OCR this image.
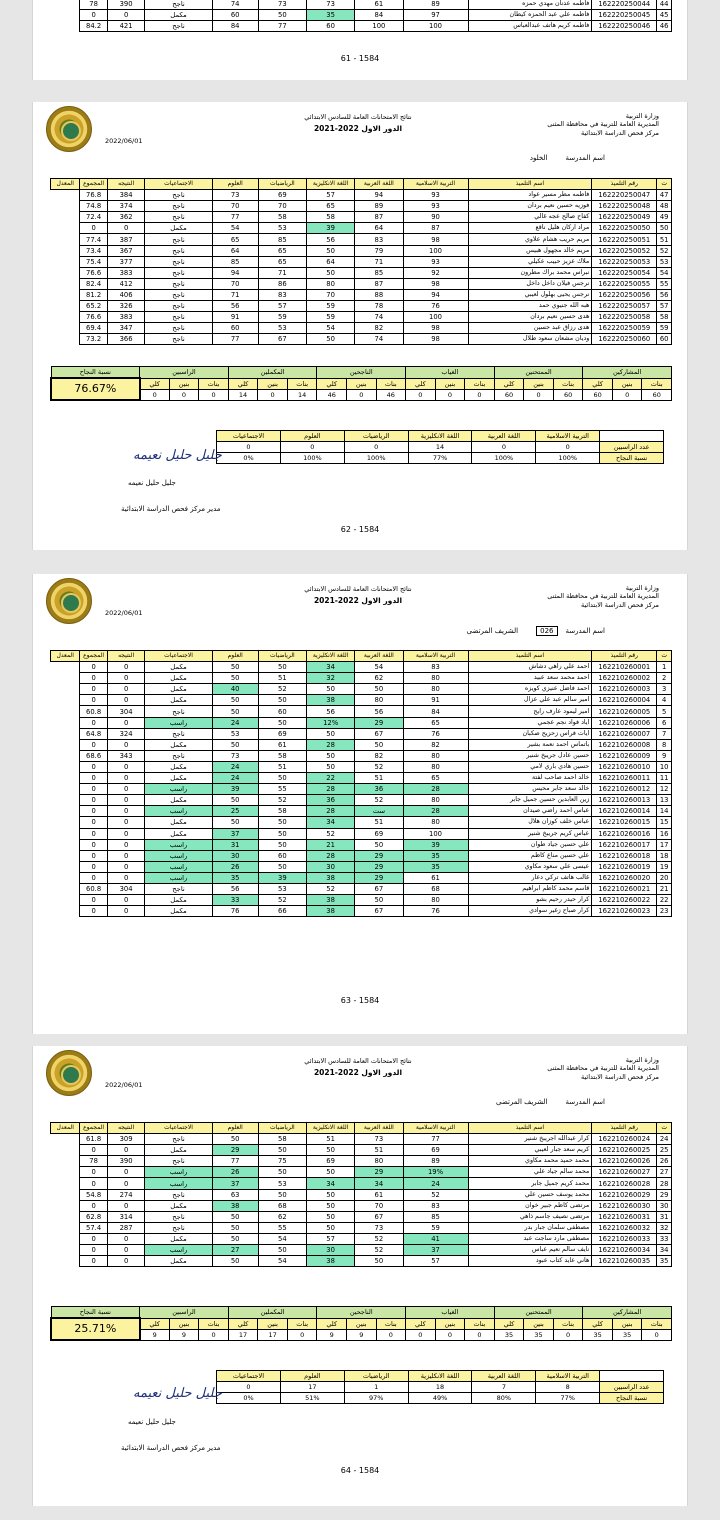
44	162220250044	فاطمه عدنان مهدي حمزه	89	61	73	73	74	ناجح	390	78
45	162220250045	فاطمه علي عبد الحمزه كيطان	97	84	35	50	60	مكمل	0	0
46	162220250046	فاطمه كريم هاتف عبدالعباس	100	100	60	77	84	ناجح	421	84.2
61 - 1584
2022/06/01
نتائج الامتحانات العامة للسادس الابتدائي
2021-2022 الدور الاول
وزارة التربية
المديرية العامة للتربية في محافظة المثنى
مركز فحص الدراسة الابتدائية
اسم المدرسةالخلود
ت	رقم التلميذ	اسم التلميذ	التربية الاسلامية	اللغة العربية	اللغة الانكليزية	الرياضيات	العلوم	الاجتماعيات	النتيجه	المجموع	المعدل
47	162220250047	فاطمه مطر مسير عواد	93	94	57	69	73	ناجح	384	76.8	
48	162220250048	فوزيه حسين نعيم بردان	93	89	65	70	70	ناجح	374	74.8	
49	162220250049	كفاح صالح عجه غالي	90	87	58	58	77	ناجح	362	72.4	
50	162220250050	مراد اركان هليل ناقع	87	64	39	53	54	مكمل	0	0	
51	162220250051	مريم حريب هشام علاوي	98	83	56	85	65	ناجح	387	77.4	
52	162220250052	مريم خالد مجهول هبيس	100	79	50	65	64	ناجح	367	73.4	
53	162220250053	ملاك عزيز حبيب عكيلي	93	71	64	65	85	ناجح	377	75.4	
54	162220250054	نبراس محمد براك مطرون	92	85	50	71	94	ناجح	383	76.6	
55	162220250055	نرجس فيلان داخل داخل	98	87	80	86	70	ناجح	412	82.4	
56	162220250056	نرجس يحيى بهلول لعيبي	94	88	70	83	71	ناجح	406	81.2	
57	162220250057	هبه الله جنيوي حمد	76	78	59	57	56	ناجح	326	65.2	
58	162220250058	هدى حسين نعيم بردان	100	74	59	59	91	ناجح	383	76.6	
59	162220250059	هدى رزاق عبد حسين	98	82	54	53	60	ناجح	347	69.4	
60	162220250060	وديان مشعان سعود طلال	98	74	50	67	77	ناجح	366	73.2	
المشاركين			الممتحنين			الغياب			الناجحين			المكملين			الراسبين			نسبة النجاح
بنات	بنين	كلي	بنات	بنين	كلي	بنات	بنين	كلي	بنات	بنين	كلي	بنات	بنين	كلي	بنات	بنين	كلي	76.67%
60	0	60	60	0	60	0	0	0	46	0	46	14	0	14	0	0	0	
	التربية الاسلامية	اللغة العربية	اللغة الانكليزية	الرياضيات	العلوم	الاجتماعيات
عدد الراسبين	0	0	14	0	0	0
نسبة النجاح	100%	100%	77%	100%	100%	0%
جليل حليل نعيمه
جليل حليل نعيمه
مدير مركز فحص الدراسة الابتدائية
62 - 1584
2022/06/01
نتائج الامتحانات العامة للسادس الابتدائي
2021-2022 الدور الاول
وزارة التربية
المديرية العامة للتربية في محافظة المثنى
مركز فحص الدراسة الابتدائية
اسم المدرسة026الشريف المرتضى
ت	رقم التلميذ	اسم التلميذ	التربية الاسلامية	اللغة العربية	اللغة الانكليزية	الرياضيات	العلوم	الاجتماعيات	النتيجه	المجموع	المعدل
1	162210260001	احمد علي راهي دشاش	83	54	34	50	50	مكمل	0	0	
2	162210260002	احمد محمد سعد عبيد	80	62	32	51	50	مكمل	0	0	
3	162210260003	احمد فاضل عنيزي كويزه	80	50	50	52	40	مكمل	0	0	
4	162210260004	امير سالم عبد علي عزال	91	80	38	50	50	مكمل	0	0	
5	162210260005	امير ليمود عارف رايح	84	56	56	60	50	ناجح	304	60.8	
6	162210260006	اياد فواد نجم عجمي	65	29	12%	50	24	راسب	0	0	
7	162210260007	ايات فراس زحزيح صكبان	76	67	50	69	53	ناجح	324	64.8	
8	162210260008	باتماس احمد نعمة بشير	82	50	28	61	50	مكمل	0	0	
9	162210260009	حسين عادل جريبخ شنير	80	82	50	58	73	ناجح	343	68.6	
10	162210260010	حسين هادي باري لامي	80	52	50	51	24	مكمل	0	0	
11	162210260011	خالد احمد صاحب لفتة	65	51	22	50	24	مكمل	0	0	
12	162210260012	خالد سعد جابر محيس	28	36	28	55	39	راسب	0	0	
13	162210260013	زين العابدين حسين جميل جابر	80	52	36	52	50	مكمل	0	0	
14	162210260014	عباس احمد راضي صيدان	28	ست	28	58	25	راسب	0	0	
15	162210260015	عباس خلف كوزان هلال	80	51	34	50	50	مكمل	0	0	
16	162210260016	عباس كريم جريبخ شنير	100	69	52	50	37	مكمل	0	0	
17	162210260017	علي حسين جياد طوان	39	50	21	50	31	راسب	0	0	
18	162210260018	علي حسين مناع كاظم	35	29	28	60	30	راسب	0	0	
19	162210260019	عيسى علي سعود مكاوي	35	29	30	50	26	راسب	0	0	
20	162210260020	غالب هاتف تركي دعار	61	29	38	39	35	راسب	0	0	
21	162210260021	قاسم محمد كاظم ابراهيم	68	67	52	53	56	ناجح	304	60.8	
22	162210260022	كرار حيدر رحيم بشو	80	50	38	52	33	مكمل	0	0	
23	162210260023	كرار صباح زغير سوادي	76	67	38	66	76	مكمل	0	0	
63 - 1584
2022/06/01
نتائج الامتحانات العامة للسادس الابتدائي
2021-2022 الدور الاول
وزارة التربية
المديرية العامة للتربية في محافظة المثنى
مركز فحص الدراسة الابتدائية
اسم المدرسةالشريف المرتضى
ت	رقم التلميذ	اسم التلميذ	التربية الاسلامية	اللغة العربية	اللغة الانكليزية	الرياضيات	العلوم	الاجتماعيات	النتيجه	المجموع	المعدل
24	162210260024	كرار عبدالله اجريبخ شنير	77	73	51	58	50	ناجح	309	61.8	
25	162210260025	كريم سعد جبار لعيبي	69	51	50	50	29	مكمل	0	0	
26	162210260026	محمد حميد محمد مكاوي	89	80	69	75	77	ناجح	390	78	
27	162210260027	محمد سالم جياد علي	19%	29	50	50	26	راسب	0	0	
28	162210260028	محمد كريم جميل جابر	24	34	34	53	37	راسب	0	0	
29	162210260029	محمد يوسف حسين علي	52	61	50	50	63	ناجح	274	54.8	
30	162210260030	مرتضى كاظم جبير خوان	83	70	50	68	38	مكمل	0	0	
31	162210260031	مرتضى نصيف جاسم ذاهي	85	67	50	62	50	ناجح	314	62.8	
32	162210260032	مصطفى سلمان جبار بدر	59	73	50	55	50	ناجح	287	57.4	
33	162210260033	مصطفى مارد ساجت عبد	41	52	57	54	50	مكمل	0	0	
34	162210260034	نايف سالم نعيم عباس	37	52	30	50	27	راسب	0	0	
35	162210260035	هاني عايد كتاب عبود	57	50	38	54	50	مكمل	0	0	
المشاركين			الممتحنين			الغياب			الناجحين			المكملين			الراسبين			نسبة النجاح
بنات	بنين	كلي	بنات	بنين	كلي	بنات	بنين	كلي	بنات	بنين	كلي	بنات	بنين	كلي	بنات	بنين	كلي	25.71%
0	35	35	0	35	35	0	0	0	0	9	9	0	17	17	0	9	9	
	التربية الاسلامية	اللغة العربية	اللغة الانكليزية	الرياضيات	العلوم	الاجتماعيات
عدد الراسبين	8	7	18	1	17	0
نسبة النجاح	77%	80%	49%	97%	51%	0%
جليل حليل نعيمه
جليل حليل نعيمه
مدير مركز فحص الدراسة الابتدائية
64 - 1584
